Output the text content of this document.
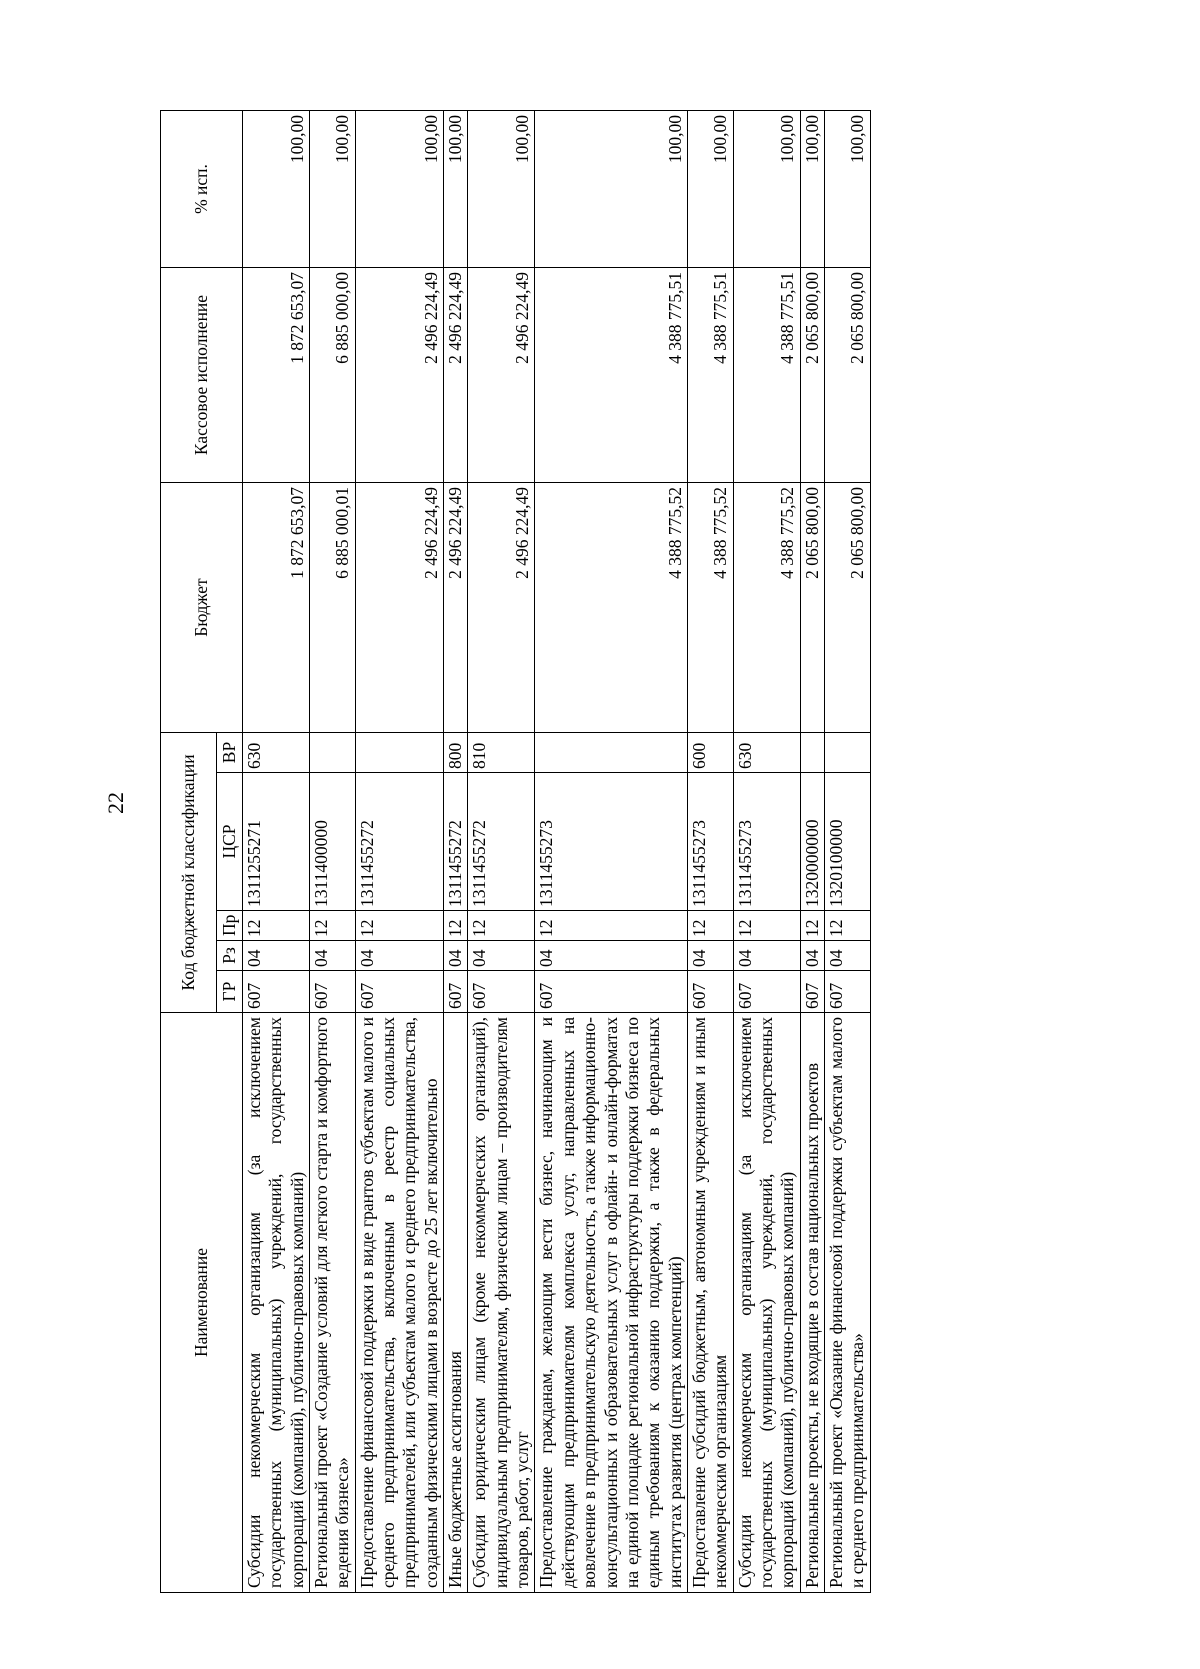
22
Наименование	Код бюджетной классификации					Бюджет	Кассовое исполнение	% исп.
	ГР	Рз	Пр	ЦСР	ВР			
Субсидии некоммерческим организациям (за исключением государственных (муниципальных) учреждений, государственных корпораций (компаний), публично-правовых компаний)	607	04	12	1311255271	630	1 872 653,07	1 872 653,07	100,00
Региональный проект «Создание условий для легкого старта и комфортного ведения бизнеса»	607	04	12	1311400000		6 885 000,01	6 885 000,00	100,00
Предоставление финансовой поддержки в виде грантов субъектам малого и среднего предпринимательства, включенным в реестр социальных предпринимателей, или субъектам малого и среднего предпринимательства, созданным физическими лицами в возрасте до 25 лет включительно	607	04	12	1311455272		2 496 224,49	2 496 224,49	100,00
Иные бюджетные ассигнования	607	04	12	1311455272	800	2 496 224,49	2 496 224,49	100,00
Субсидии юридическим лицам (кроме некоммерческих организаций), индивидуальным предпринимателям, физическим лицам – производителям товаров, работ, услуг	607	04	12	1311455272	810	2 496 224,49	2 496 224,49	100,00
Предоставление гражданам, желающим вести бизнес, начинающим и действующим предпринимателям комплекса услуг, направленных на вовлечение в предпринимательскую деятельность, а также информационно-консультационных и образовательных услуг в офлайн- и онлайн-форматах на единой площадке региональной инфраструктуры поддержки бизнеса по единым требованиям к оказанию поддержки, а также в федеральных институтах развития (центрах компетенций)	607	04	12	1311455273		4 388 775,52	4 388 775,51	100,00
Предоставление субсидий бюджетным, автономным учреждениям и иным некоммерческим организациям	607	04	12	1311455273	600	4 388 775,52	4 388 775,51	100,00
Субсидии некоммерческим организациям (за исключением государственных (муниципальных) учреждений, государственных корпораций (компаний), публично-правовых компаний)	607	04	12	1311455273	630	4 388 775,52	4 388 775,51	100,00
Региональные проекты, не входящие в состав национальных проектов	607	04	12	1320000000		2 065 800,00	2 065 800,00	100,00
Региональный проект «Оказание финансовой поддержки субъектам малого и среднего предпринимательства»	607	04	12	1320100000		2 065 800,00	2 065 800,00	100,00
